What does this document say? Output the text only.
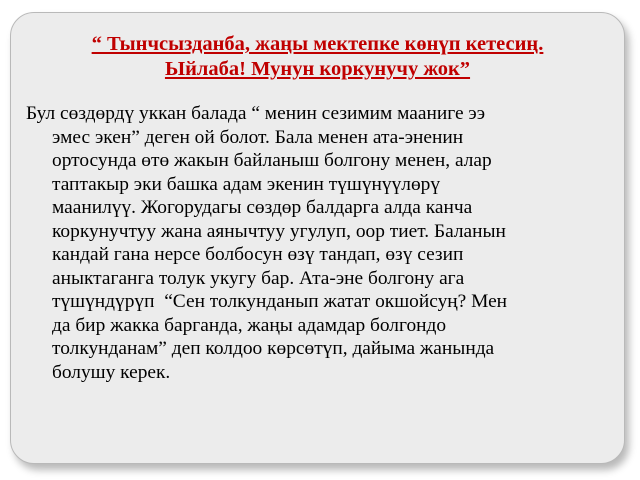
“ Тынчсызданба, жаңы мектепке көнүп кетесиң.
Ыйлаба! Мунун коркунучу жок”

Бул сөздөрдү уккан балада “ менин сезимим мааниге ээ
эмес экен” деген ой болот. Бала менен ата-эненин
ортосунда өтө жакын байланыш болгону менен, алар
таптакыр эки башка адам экенин түшүнүүлөрү
маанилүү. Жогорудагы сөздөр балдарга алда канча
коркунучтуу жана аянычтуу угулуп, оор тиет. Баланын
кандай гана нерсе болбосун өзү тандап, өзү сезип
аныктаганга толук укугу бар. Ата-эне болгону ага
түшүндүрүп  “Сен толкунданып жатат окшойсуң? Мен
да бир жакка барганда, жаңы адамдар болгондо
толкунданам” деп колдоо көрсөтүп, дайыма жанында
болушу керек.
